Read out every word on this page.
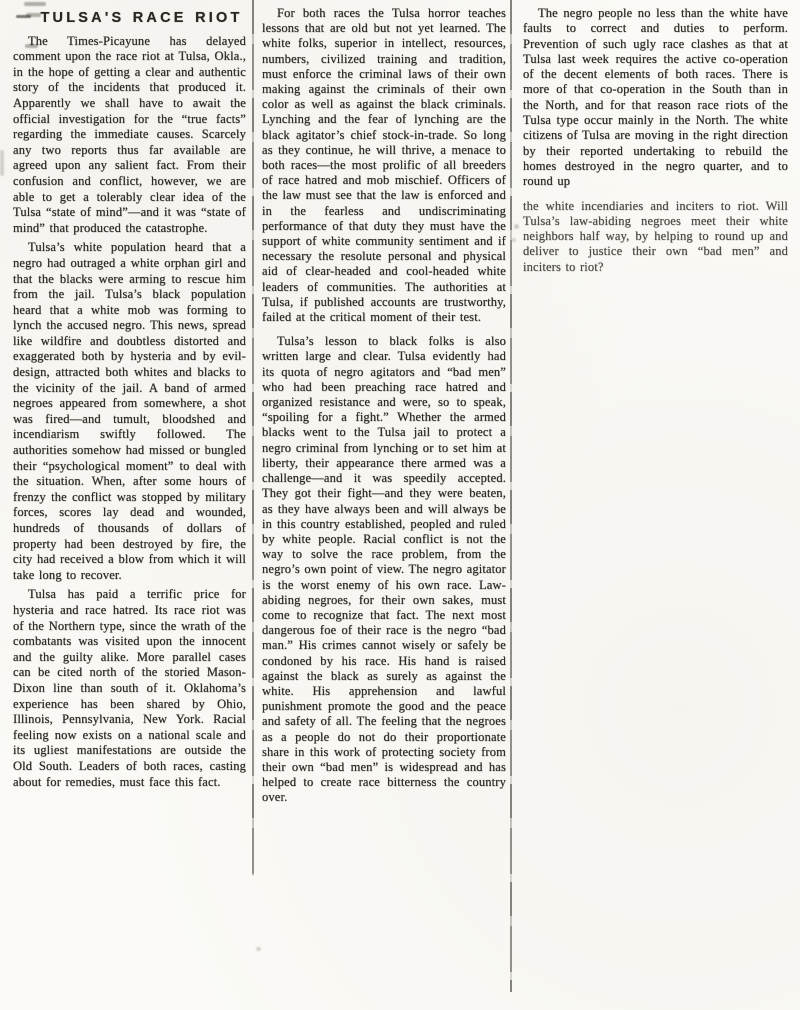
TULSA'S RACE RIOT

The Times-Picayune has delayed comment upon the race riot at Tulsa, Okla., in the hope of getting a clear and authentic story of the incidents that produced it. Apparently we shall have to await the official investigation for the “true facts” regarding the immediate causes. Scarcely any two reports thus far available are agreed upon any salient fact. From their confusion and conflict, however, we are able to get a tolerably clear idea of the Tulsa “state of mind”—and it was “state of mind” that produced the catastrophe.

Tulsa’s white population heard that a negro had outraged a white orphan girl and that the blacks were arming to rescue him from the jail. Tulsa’s black population heard that a white mob was forming to lynch the accused negro. This news, spread like wildfire and doubtless distorted and exaggerated both by hysteria and by evil-design, attracted both whites and blacks to the vicinity of the jail. A band of armed negroes appeared from somewhere, a shot was fired—and tumult, bloodshed and incendiarism swiftly followed. The authorities somehow had missed or bungled their “psychological moment” to deal with the situation. When, after some hours of frenzy the conflict was stopped by military forces, scores lay dead and wounded, hundreds of thousands of dollars of property had been destroyed by fire, the city had received a blow from which it will take long to recover.

Tulsa has paid a terrific price for hysteria and race hatred. Its race riot was of the Northern type, since the wrath of the combatants was visited upon the innocent and the guilty alike. More parallel cases can be cited north of the storied Mason-Dixon line than south of it. Oklahoma’s experience has been shared by Ohio, Illinois, Pennsylvania, New York. Racial feeling now exists on a national scale and its ugliest manifestations are outside the Old South. Leaders of both races, casting about for remedies, must face this fact.

For both races the Tulsa horror teaches lessons that are old but not yet learned. The white folks, superior in intellect, resources, numbers, civilized training and tradition, must enforce the criminal laws of their own making against the criminals of their own color as well as against the black criminals. Lynching and the fear of lynching are the black agitator’s chief stock-in-trade. So long as they continue, he will thrive, a menace to both races—the most prolific of all breeders of race hatred and mob mischief. Officers of the law must see that the law is enforced and in the fearless and undiscriminating performance of that duty they must have the support of white community sentiment and if necessary the resolute personal and physical aid of clear-headed and cool-headed white leaders of communities. The authorities at Tulsa, if published accounts are trustworthy, failed at the critical moment of their test.

Tulsa’s lesson to black folks is also written large and clear. Tulsa evidently had its quota of negro agitators and “bad men” who had been preaching race hatred and organized resistance and were, so to speak, “spoiling for a fight.” Whether the armed blacks went to the Tulsa jail to protect a negro criminal from lynching or to set him at liberty, their appearance there armed was a challenge—and it was speedily accepted. They got their fight—and they were beaten, as they have always been and will always be in this country established, peopled and ruled by white people. Racial conflict is not the way to solve the race problem, from the negro’s own point of view. The negro agitator is the worst enemy of his own race. Law-abiding negroes, for their own sakes, must come to recognize that fact. The next most dangerous foe of their race is the negro “bad man.” His crimes cannot wisely or safely be condoned by his race. His hand is raised against the black as surely as against the white. His apprehension and lawful punishment promote the good and the peace and safety of all. The feeling that the negroes as a people do not do their proportionate share in this work of protecting society from their own “bad men” is widespread and has helped to create race bitterness the country over.

The negro people no less than the white have faults to correct and duties to perform. Prevention of such ugly race clashes as that at Tulsa last week requires the active co-operation of the decent elements of both races. There is more of that co-operation in the South than in the North, and for that reason race riots of the Tulsa type occur mainly in the North. The white citizens of Tulsa are moving in the right direction by their reported undertaking to rebuild the homes destroyed in the negro quarter, and to round up

the white incendiaries and inciters to riot. Will Tulsa’s law-abiding negroes meet their white neighbors half way, by helping to round up and deliver to justice their own “bad men” and inciters to riot?
